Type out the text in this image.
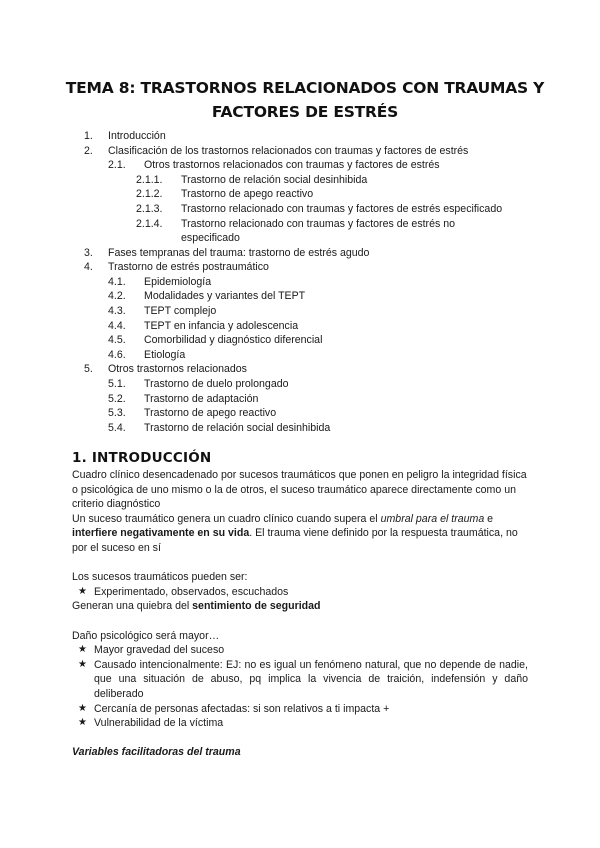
TEMA 8: TRASTORNOS RELACIONADOS CON TRAUMAS Y
FACTORES DE ESTRÉS
1. Introducción
2. Clasificación de los trastornos relacionados con traumas y factores de estrés
2.1. Otros trastornos relacionados con traumas y factores de estrés
2.1.1. Trastorno de relación social desinhibida
2.1.2. Trastorno de apego reactivo
2.1.3. Trastorno relacionado con traumas y factores de estrés especificado
2.1.4. Trastorno relacionado con traumas y factores de estrés no especificado
3. Fases tempranas del trauma: trastorno de estrés agudo
4. Trastorno de estrés postraumático
4.1. Epidemiología
4.2. Modalidades y variantes del TEPT
4.3. TEPT complejo
4.4. TEPT en infancia y adolescencia
4.5. Comorbilidad y diagnóstico diferencial
4.6. Etiología
5. Otros trastornos relacionados
5.1. Trastorno de duelo prolongado
5.2. Trastorno de adaptación
5.3. Trastorno de apego reactivo
5.4. Trastorno de relación social desinhibida
1. INTRODUCCIÓN

Cuadro clínico desencadenado por sucesos traumáticos que ponen en peligro la integridad física o psicológica de uno mismo o la de otros, el suceso traumático aparece directamente como un criterio diagnóstico

Un suceso traumático genera un cuadro clínico cuando supera el umbral para el trauma e interfiere negativamente en su vida. El trauma viene definido por la respuesta traumática, no por el suceso en sí

Los sucesos traumáticos pueden ser:

★ Experimentado, observados, escuchados

Generan una quiebra del sentimiento de seguridad

Daño psicológico será mayor…

★ Mayor gravedad del suceso
★ Causado intencionalmente: EJ: no es igual un fenómeno natural, que no depende de nadie, que una situación de abuso, pq implica la vivencia de traición, indefensión y daño deliberado
★ Cercanía de personas afectadas: si son relativos a ti impacta +
★ Vulnerabilidad de la víctima

Variables facilitadoras del trauma
